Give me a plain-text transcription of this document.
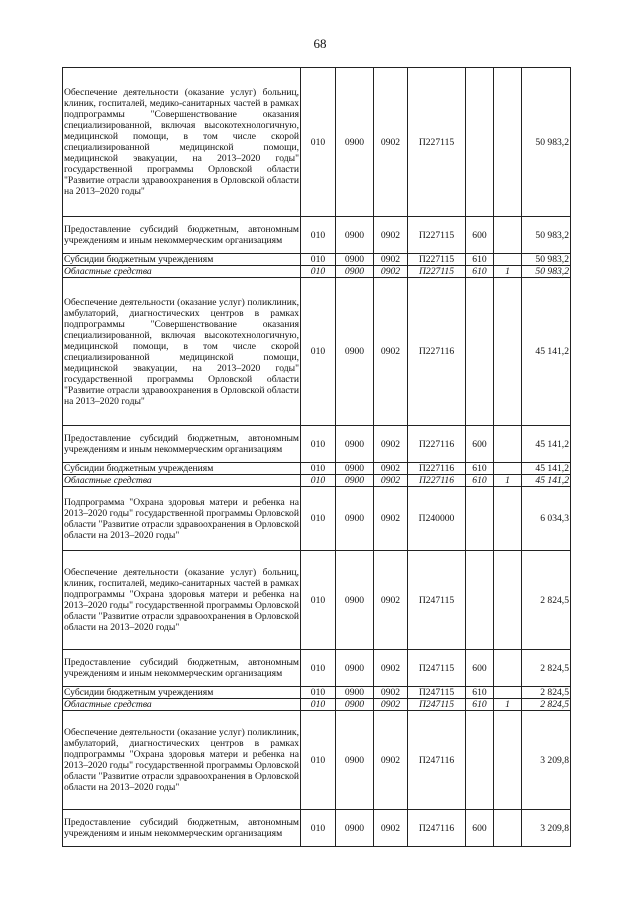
68
Обеспечение деятельности (оказание услуг) больниц, клиник, госпиталей, медико-санитарных частей в рамках подпрограммы "Совершенствование оказания специализированной, включая высокотехнологичную, медицинской помощи, в том числе скорой специализированной медицинской помощи, медицинской эвакуации, на 2013–2020 годы" государственной программы Орловской области "Развитие отрасли здравоохранения в Орловской области на 2013–2020 годы"	010	0900	0902	П227115			50 983,2
Предоставление субсидий бюджетным, автономным учреждениям и иным некоммерческим организациям	010	0900	0902	П227115	600		50 983,2
Субсидии бюджетным учреждениям	010	0900	0902	П227115	610		50 983,2
Областные средства	010	0900	0902	П227115	610	1	50 983,2
Обеспечение деятельности (оказание услуг) поликлиник, амбулаторий, диагностических центров в рамках подпрограммы "Совершенствование оказания специализированной, включая высокотехнологичную, медицинской помощи, в том числе скорой специализированной медицинской помощи, медицинской эвакуации, на 2013–2020 годы" государственной программы Орловской области "Развитие отрасли здравоохранения в Орловской области на 2013–2020 годы"	010	0900	0902	П227116			45 141,2
Предоставление субсидий бюджетным, автономным учреждениям и иным некоммерческим организациям	010	0900	0902	П227116	600		45 141,2
Субсидии бюджетным учреждениям	010	0900	0902	П227116	610		45 141,2
Областные средства	010	0900	0902	П227116	610	1	45 141,2
Подпрограмма "Охрана здоровья матери и ребенка на 2013–2020 годы" государственной программы Орловской области "Развитие отрасли здравоохранения в Орловской области на 2013–2020 годы"	010	0900	0902	П240000			6 034,3
Обеспечение деятельности (оказание услуг) больниц, клиник, госпиталей, медико-санитарных частей в рамках подпрограммы "Охрана здоровья матери и ребенка на 2013–2020 годы" государственной программы Орловской области "Развитие отрасли здравоохранения в Орловской области на 2013–2020 годы"	010	0900	0902	П247115			2 824,5
Предоставление субсидий бюджетным, автономным учреждениям и иным некоммерческим организациям	010	0900	0902	П247115	600		2 824,5
Субсидии бюджетным учреждениям	010	0900	0902	П247115	610		2 824,5
Областные средства	010	0900	0902	П247115	610	1	2 824,5
Обеспечение деятельности (оказание услуг) поликлиник, амбулаторий, диагностических центров в рамках подпрограммы "Охрана здоровья матери и ребенка на 2013–2020 годы" государственной программы Орловской области "Развитие отрасли здравоохранения в Орловской области на 2013–2020 годы"	010	0900	0902	П247116			3 209,8
Предоставление субсидий бюджетным, автономным учреждениям и иным некоммерческим организациям	010	0900	0902	П247116	600		3 209,8
